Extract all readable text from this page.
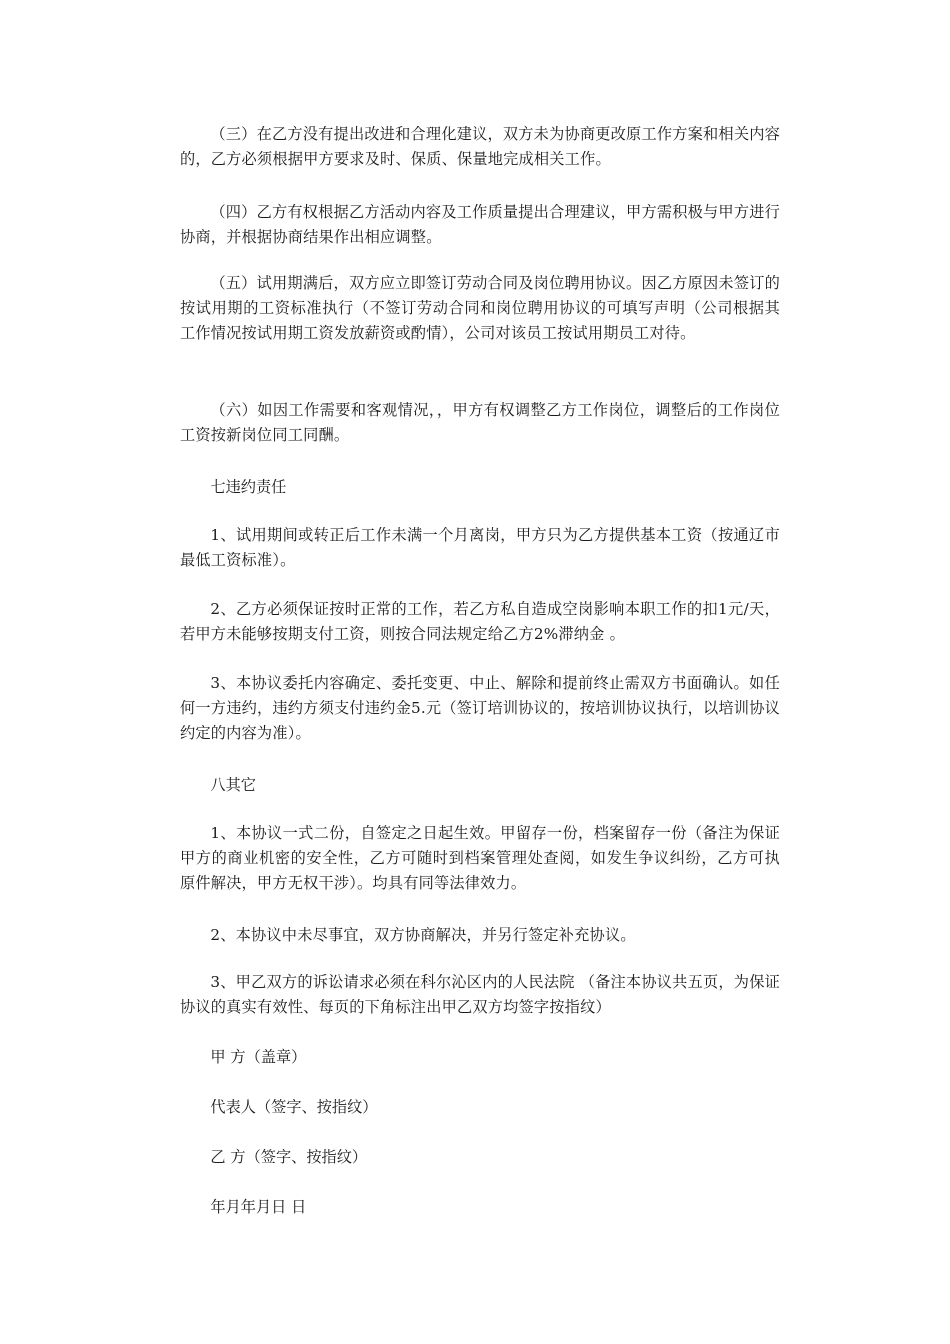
（三）在乙方没有提出改进和合理化建议，双方未为协商更改原工作方案和相关内容的，乙方必须根据甲方要求及时、保质、保量地完成相关工作。

（四）乙方有权根据乙方活动内容及工作质量提出合理建议，甲方需积极与甲方进行协商，并根据协商结果作出相应调整。

（五）试用期满后，双方应立即签订劳动合同及岗位聘用协议。因乙方原因未签订的按试用期的工资标准执行（不签订劳动合同和岗位聘用协议的可填写声明（公司根据其工作情况按试用期工资发放薪资或酌情），公司对该员工按试用期员工对待。

（六）如因工作需要和客观情况，，甲方有权调整乙方工作岗位，调整后的工作岗位工资按新岗位同工同酬。

七违约责任

1、试用期间或转正后工作未满一个月离岗，甲方只为乙方提供基本工资（按通辽市最低工资标准）。

2、乙方必须保证按时正常的工作，若乙方私自造成空岗影响本职工作的扣1元/天，若甲方未能够按期支付工资，则按合同法规定给乙方2%滞纳金 。

3、本协议委托内容确定、委托变更、中止、解除和提前终止需双方书面确认。如任何一方违约，违约方须支付违约金5.元（签订培训协议的，按培训协议执行，以培训协议约定的内容为准）。

八其它

1、本协议一式二份，自签定之日起生效。甲留存一份，档案留存一份（备注为保证甲方的商业机密的安全性，乙方可随时到档案管理处查阅，如发生争议纠纷，乙方可执原件解决，甲方无权干涉）。均具有同等法律效力。

2、本协议中未尽事宜，双方协商解决，并另行签定补充协议。

3、甲乙双方的诉讼请求必须在科尔沁区内的人民法院 （备注本协议共五页，为保证协议的真实有效性、每页的下角标注出甲乙双方均签字按指纹）

甲 方（盖章）

代表人（签字、按指纹）

乙 方（签字、按指纹）

年月年月日 日
